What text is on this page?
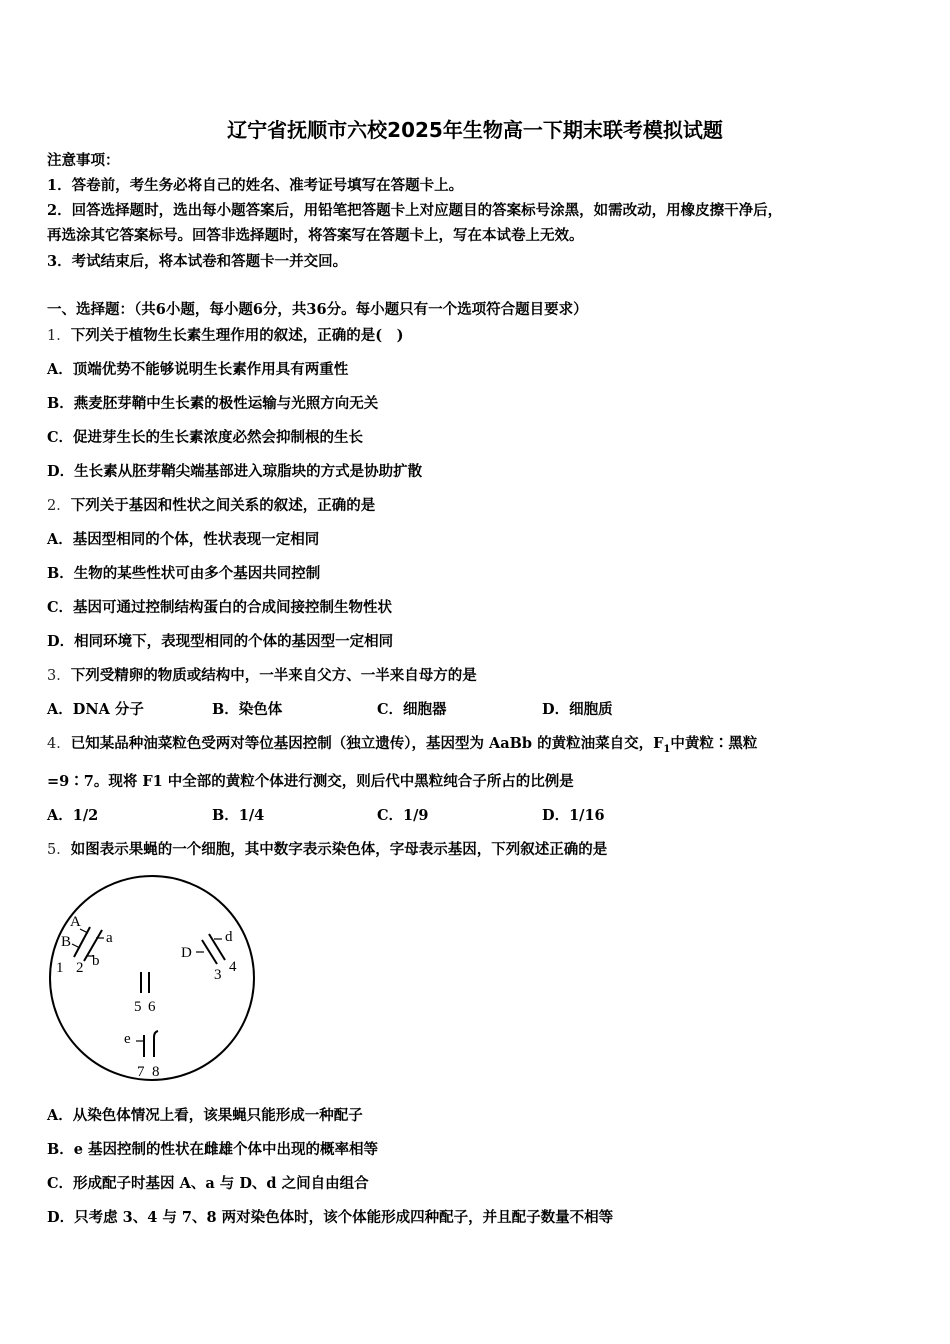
辽宁省抚顺市六校2025年生物高一下期末联考模拟试题
注意事项：
1．答卷前，考生务必将自己的姓名、准考证号填写在答题卡上。
2．回答选择题时，选出每小题答案后，用铅笔把答题卡上对应题目的答案标号涂黑，如需改动，用橡皮擦干净后，
再选涂其它答案标号。回答非选择题时，将答案写在答题卡上，写在本试卷上无效。
3．考试结束后，将本试卷和答题卡一并交回。
一、选择题：（共6小题，每小题6分，共36分。每小题只有一个选项符合题目要求）
1．下列关于植物生长素生理作用的叙述，正确的是(　)
A．顶端优势不能够说明生长素作用具有两重性
B．燕麦胚芽鞘中生长素的极性运输与光照方向无关
C．促进芽生长的生长素浓度必然会抑制根的生长
D．生长素从胚芽鞘尖端基部进入琼脂块的方式是协助扩散
2．下列关于基因和性状之间关系的叙述，正确的是
A．基因型相同的个体，性状表现一定相同
B．生物的某些性状可由多个基因共同控制
C．基因可通过控制结构蛋白的合成间接控制生物性状
D．相同环境下，表现型相同的个体的基因型一定相同
3．下列受精卵的物质或结构中，一半来自父方、一半来自母方的是
A．DNA 分子	B．染色体	C．细胞器	D．细胞质
4．已知某品种油菜粒色受两对等位基因控制（独立遗传），基因型为 AaBb 的黄粒油菜自交，$F_1$中黄粒∶黑粒
=9∶7。现将 F1 中全部的黄粒个体进行测交，则后代中黑粒纯合子所占的比例是
A．1/2	B．1/4	C．1/9	D．1/16
5．如图表示果蝇的一个细胞，其中数字表示染色体，字母表示基因，下列叙述正确的是
A
B a
b
1 2
D
d
3 4
5 6
e
7 8
A．从染色体情况上看，该果蝇只能形成一种配子
B．e 基因控制的性状在雌雄个体中出现的概率相等
C．形成配子时基因 A、a 与 D、d 之间自由组合
D．只考虑 3、4 与 7、8 两对染色体时，该个体能形成四种配子，并且配子数量不相等
